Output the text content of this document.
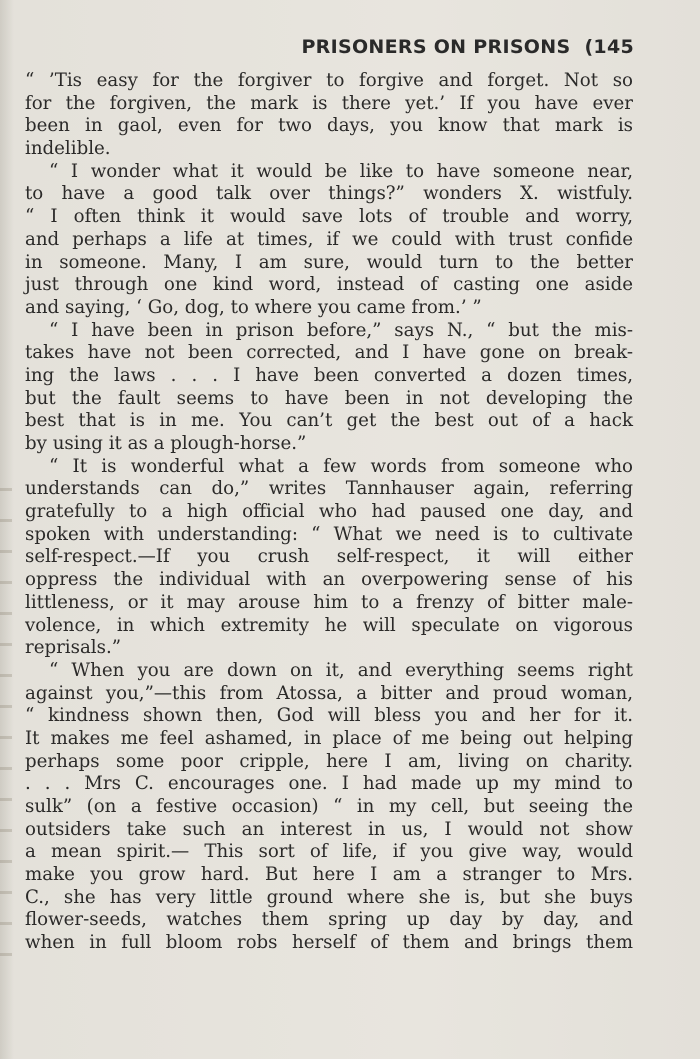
PRISONERS ON PRISONS (145
“ ’Tis easy for the forgiver to forgive and forget. Not so
for the forgiven, the mark is there yet.’ If you have ever
been in gaol, even for two days, you know that mark is
indelible.
“ I wonder what it would be like to have someone near,
to have a good talk over things?” wonders X. wistfuly.
“ I often think it would save lots of trouble and worry,
and perhaps a life at times, if we could with trust confide
in someone. Many, I am sure, would turn to the better
just through one kind word, instead of casting one aside
and saying, ‘ Go, dog, to where you came from.’ ”
“ I have been in prison before,” says N., “ but the mis-
takes have not been corrected, and I have gone on break-
ing the laws . . . I have been converted a dozen times,
but the fault seems to have been in not developing the
best that is in me. You can’t get the best out of a hack
by using it as a plough-horse.”
“ It is wonderful what a few words from someone who
understands can do,” writes Tannhauser again, referring
gratefully to a high official who had paused one day, and
spoken with understanding: “ What we need is to cultivate
self-respect.—If you crush self-respect, it will either
oppress the individual with an overpowering sense of his
littleness, or it may arouse him to a frenzy of bitter male-
volence, in which extremity he will speculate on vigorous
reprisals.”
“ When you are down on it, and everything seems right
against you,”—this from Atossa, a bitter and proud woman,
“ kindness shown then, God will bless you and her for it.
It makes me feel ashamed, in place of me being out helping
perhaps some poor cripple, here I am, living on charity.
. . . Mrs C. encourages one. I had made up my mind to
sulk” (on a festive occasion) “ in my cell, but seeing the
outsiders take such an interest in us, I would not show
a mean spirit.— This sort of life, if you give way, would
make you grow hard. But here I am a stranger to Mrs.
C., she has very little ground where she is, but she buys
flower-seeds, watches them spring up day by day, and
when in full bloom robs herself of them and brings them
